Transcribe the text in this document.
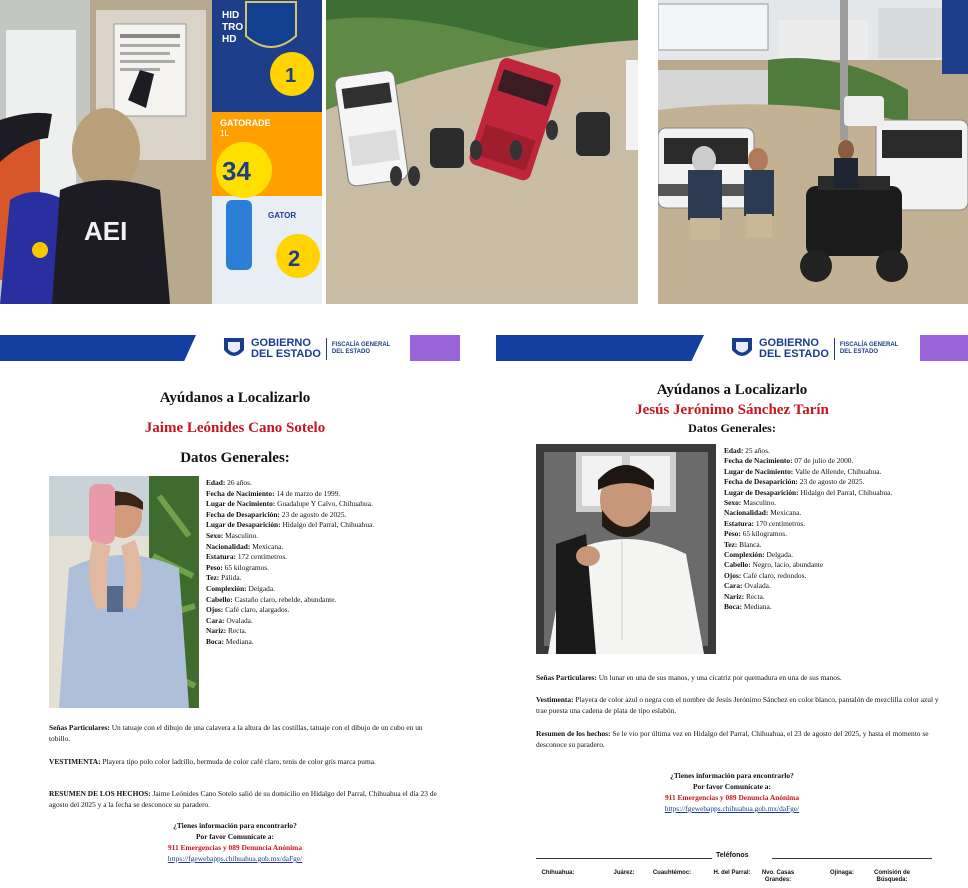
HID
TRO
HD
1
GATORADE
1L
34
GATOR
2
AEI
GOBIERNO
DEL ESTADO
FISCALÍA GENERAL
DEL ESTADO
Ayúdanos a Localizarlo
Jaime Leónides Cano Sotelo
Datos Generales:
Edad: 26 años.
Fecha de Nacimiento: 14 de marzo de 1999.
Lugar de Nacimiento: Guadalupe Y Calvo, Chihuahua.
Fecha de Desaparición: 23 de agosto de 2025.
Lugar de Desaparición: Hidalgo del Parral, Chihuahua.
Sexo: Masculino.
Nacionalidad: Mexicana.
Estatura: 172 centímetros.
Peso: 65 kilogramos.
Tez: Pálida.
Complexión: Delgada.
Cabello: Castaño claro, rebelde, abundante.
Ojos: Café claro, alargados.
Cara: Ovalada.
Nariz: Recta.
Boca: Mediana.
Señas Particulares: Un tatuaje con el dibujo de una calavera a la altura de las costillas, tatuaje con el dibujo de un cubo en un tobillo.
VESTIMENTA: Playera tipo polo color ladrillo, bermuda de color café claro, tenis de color gris marca puma.
RESUMEN DE LOS HECHOS: Jaime Leónides Cano Sotelo salió de su domicilio en Hidalgo del Parral, Chihuahua el día 23 de agosto del 2025 y a la fecha se desconoce su paradero.
¿Tienes información para encontrarlo?
Por favor Comunícate a:
911 Emergencias y 089 Denuncia Anónima
https://fgewebapps.chihuahua.gob.mx/daFge/
GOBIERNO
DEL ESTADO
FISCALÍA GENERAL
DEL ESTADO
Ayúdanos a Localizarlo
Jesús Jerónimo Sánchez Tarín
Datos Generales:
Edad: 25 años.
Fecha de Nacimiento: 07 de julio de 2000.
Lugar de Nacimiento: Valle de Allende, Chihuahua.
Fecha de Desaparición: 23 de agosto de 2025.
Lugar de Desaparición: Hidalgo del Parral, Chihuahua.
Sexo: Masculino.
Nacionalidad: Mexicana.
Estatura: 170 centímetros.
Peso: 65 kilogramos.
Tez: Blanca.
Complexión: Delgada.
Cabello: Negro, lacio, abundante
Ojos: Café claro, redondos.
Cara: Ovalada.
Nariz: Recta.
Boca: Mediana.
Señas Particulares: Un lunar en una de sus manos, y una cicatriz por quemadura en una de sus manos.
Vestimenta: Playera de color azul o negra con el nombre de Jesús Jerónimo Sánchez en color blanco, pantalón de mezclilla color azul y trae puesta una cadena de plata de tipo eslabón.
Resumen de los hechos: Se le vio por última vez en Hidalgo del Parral, Chihuahua, el 23 de agosto del 2025, y hasta el momento se desconoce su paradero.
¿Tienes información para encontrarlo?
Por favor Comunícate a:
911 Emergencias y 089 Denuncia Anónima
https://fgewebapps.chihuahua.gob.mx/daFge/
Teléfonos
Chihuahua:	Juárez:	Cuauhtémoc:	H. del Parral:	Nvo. Casas Grandes:
Ojinaga:	Comisión de Búsqueda:
